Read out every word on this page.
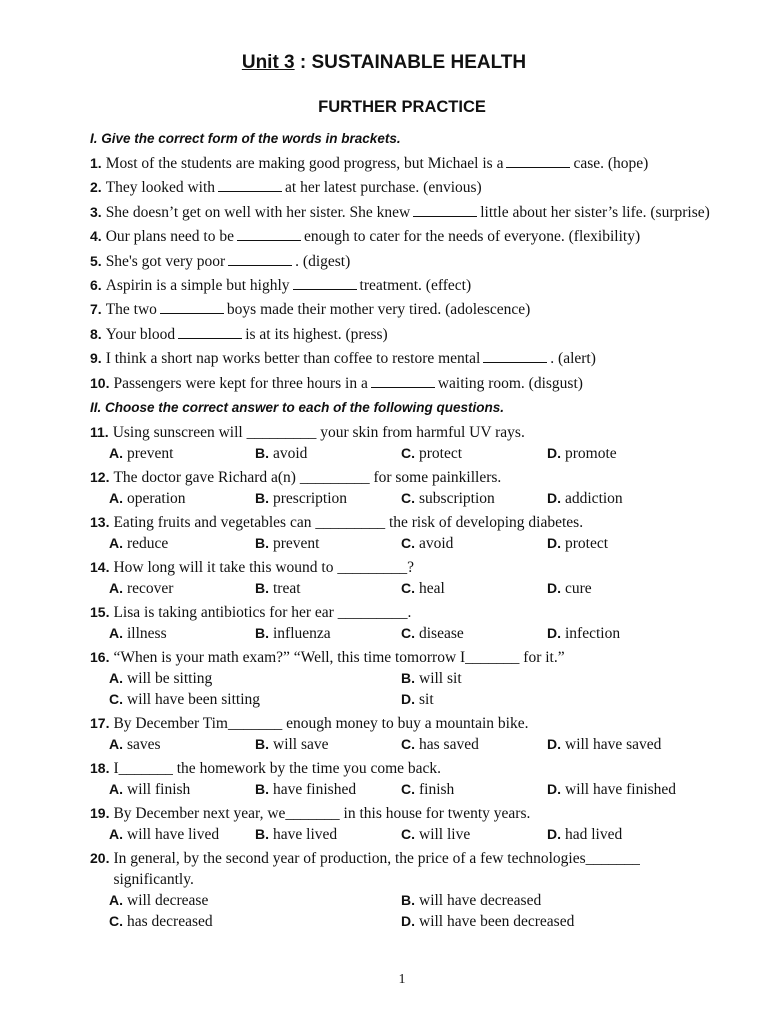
Unit 3 : SUSTAINABLE HEALTH
FURTHER PRACTICE
I. Give the correct form of the words in brackets.
1. Most of the students are making good progress, but Michael is a	case. (hope)
2. They looked with	at her latest purchase. (envious)
3. She doesn’t get on well with her sister. She knew	little about her sister’s life. (surprise)
4. Our plans need to be	enough to cater for the needs of everyone. (flexibility)
5. She's got very poor	. (digest)
6. Aspirin is a simple but highly	treatment. (effect)
7. The two	boys made their mother very tired. (adolescence)
8. Your blood	is at its highest. (press)
9. I think a short nap works better than coffee to restore mental	. (alert)
10. Passengers were kept for three hours in a	waiting room. (disgust)
II. Choose the correct answer to each of the following questions.
11. Using sunscreen will _________ your skin from harmful UV rays.
A. prevent	B. avoid	C. protect	D. promote
12. The doctor gave Richard a(n) _________ for some painkillers.
A. operation	B. prescription	C. subscription	D. addiction
13. Eating fruits and vegetables can _________ the risk of developing diabetes.
A. reduce	B. prevent	C. avoid	D. protect
14. How long will it take this wound to _________?
A. recover	B. treat	C. heal	D. cure
15. Lisa is taking antibiotics for her ear _________.
A. illness	B. influenza	C. disease	D. infection
16. “When is your math exam?” “Well, this time tomorrow I_______ for it.”
A. will be sitting	B. will sit
C. will have been sitting	D. sit
17. By December Tim_______ enough money to buy a mountain bike.
A. saves	B. will save	C. has saved	D. will have saved
18. I_______ the homework by the time you come back.
A. will finish	B. have finished	C. finish	D. will have finished
19. By December next year, we_______ in this house for twenty years.
A. will have lived	B. have lived	C. will live	D. had lived
20. In general, by the second year of production, the price of a few technologies_______ significantly.
A. will decrease	B. will have decreased
C. has decreased	D. will have been decreased
1
